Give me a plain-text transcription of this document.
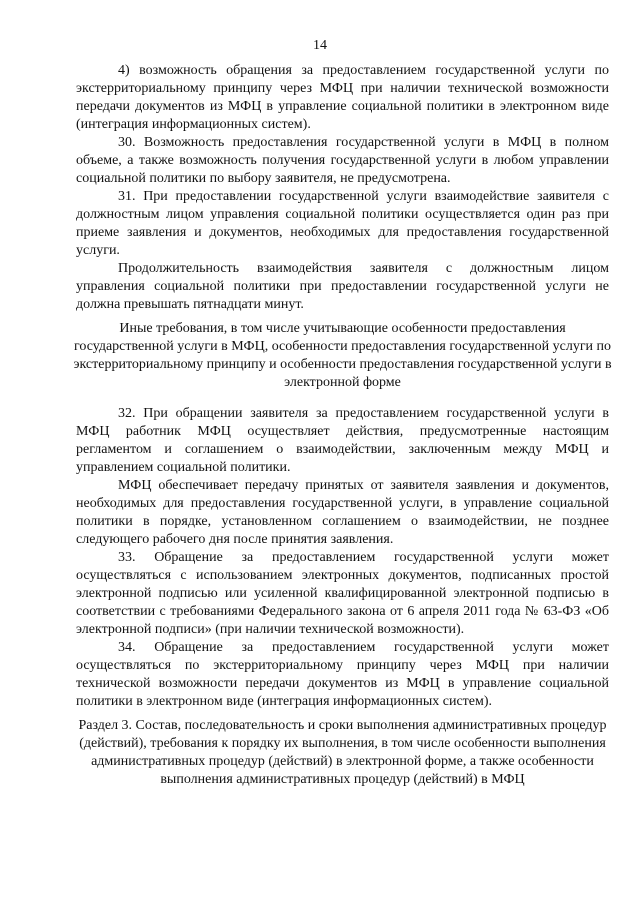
14

4) возможность обращения за предоставлением государственной услуги по экстерриториальному принципу через МФЦ при наличии технической возможности передачи документов из МФЦ в управление социальной политики в электронном виде (интеграция информационных систем).

30. Возможность предоставления государственной услуги в МФЦ в полном объеме, а также возможность получения государственной услуги в любом управлении социальной политики по выбору заявителя, не предусмотрена.

31. При предоставлении государственной услуги взаимодействие заявителя с должностным лицом управления социальной политики осуществляется один раз при приеме заявления и документов, необходимых для предоставления государственной услуги.

Продолжительность взаимодействия заявителя с должностным лицом управления социальной политики при предоставлении государственной услуги не должна превышать пятнадцати минут.

Иные требования, в том числе учитывающие особенности предоставления государственной услуги в МФЦ, особенности предоставления государственной услуги по экстерриториальному принципу и особенности предоставления государственной услуги в электронной форме

32. При обращении заявителя за предоставлением государственной услуги в МФЦ работник МФЦ осуществляет действия, предусмотренные настоящим регламентом и соглашением о взаимодействии, заключенным между МФЦ и управлением социальной политики.

МФЦ обеспечивает передачу принятых от заявителя заявления и документов, необходимых для предоставления государственной услуги, в управление социальной политики в порядке, установленном соглашением о взаимодействии, не позднее следующего рабочего дня после принятия заявления.

33. Обращение за предоставлением государственной услуги может осуществляться с использованием электронных документов, подписанных простой электронной подписью или усиленной квалифицированной электронной подписью в соответствии с требованиями Федерального закона от 6 апреля 2011 года № 63-ФЗ «Об электронной подписи» (при наличии технической возможности).

34. Обращение за предоставлением государственной услуги может осуществляться по экстерриториальному принципу через МФЦ при наличии технической возможности передачи документов из МФЦ в управление социальной политики в электронном виде (интеграция информационных систем).

Раздел 3. Состав, последовательность и сроки выполнения административных процедур (действий), требования к порядку их выполнения, в том числе особенности выполнения административных процедур (действий) в электронной форме, а также особенности выполнения административных процедур (действий) в МФЦ
